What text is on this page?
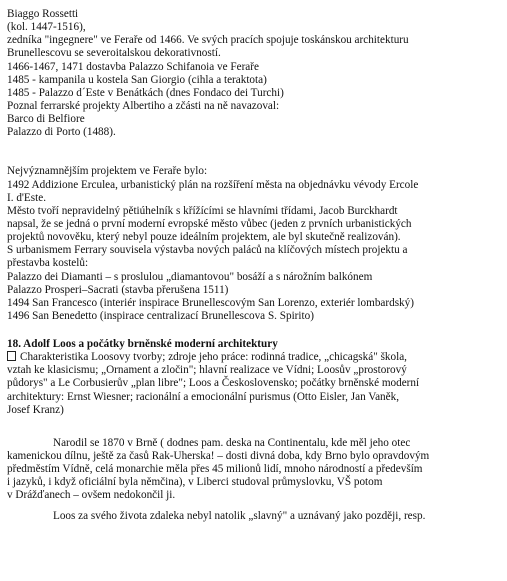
Biaggo Rossetti
(kol. 1447-1516),
zedníka "ingegnere" ve Feraře od 1466. Ve svých pracích spojuje toskánskou architekturu
Brunellescovu se severoitalskou dekorativností.
1466-1467, 1471 dostavba Palazzo Schifanoia ve Feraře
1485 - kampanila u kostela San Giorgio (cihla a teraktota)
1485 - Palazzo d´Este v Benátkách (dnes Fondaco dei Turchi)
Poznal ferrarské projekty Albertiho a zčásti na ně navazoval:
Barco di Belfiore
Palazzo di Porto (1488).
Nejvýznamnějším projektem ve Feraře bylo:
1492 Addizione Erculea, urbanistický plán na rozšíření města na objednávku vévody Ercole
I. d'Este.
Město tvoří nepravidelný pětiúhelník s křížícími se hlavními třídami, Jacob Burckhardt
napsal, že se jedná o první moderní evropské město vůbec (jeden z prvních urbanistických
projektů novověku, který nebyl pouze ideálním projektem, ale byl skutečně realizován).
S urbanismem Ferrary souvisela výstavba nových paláců na klíčových místech projektu a
přestavba kostelů:
Palazzo dei Diamanti – s proslulou „diamantovou" bosáží a s nárožním balkónem
Palazzo Prosperi–Sacrati (stavba přerušena 1511)
1494 San Francesco (interiér inspirace Brunellescovým San Lorenzo, exteriér lombardský)
1496 San Benedetto (inspirace centralizací Brunellescova S. Spirito)
18. Adolf Loos a počátky brněnské moderní architektury
Charakteristika Loosovy tvorby; zdroje jeho práce: rodinná tradice, „chicagská" škola,
vztah ke klasicismu; „Ornament a zločin"; hlavní realizace ve Vídni; Loosův „prostorový
půdorys" a Le Corbusierův „plan libre"; Loos a Československo; počátky brněnské moderní
architektury: Ernst Wiesner; racionální a emocionální purismus (Otto Eisler, Jan Vaněk,
Josef Kranz)
Narodil se 1870 v Brně ( dodnes pam. deska na Continentalu, kde měl jeho otec
kamenickou dílnu, ještě za časů Rak-Uherska! – dosti divná doba, kdy Brno bylo opravdovým
předměstím Vídně, celá monarchie měla přes 45 milionů lidí, mnoho národností a především
i jazyků, i když oficiální byla němčina), v Liberci studoval průmyslovku, VŠ potom
v Drážďanech – ovšem nedokončil ji.
Loos za svého života zdaleka nebyl natolik „slavný" a uznávaný jako později, resp.
